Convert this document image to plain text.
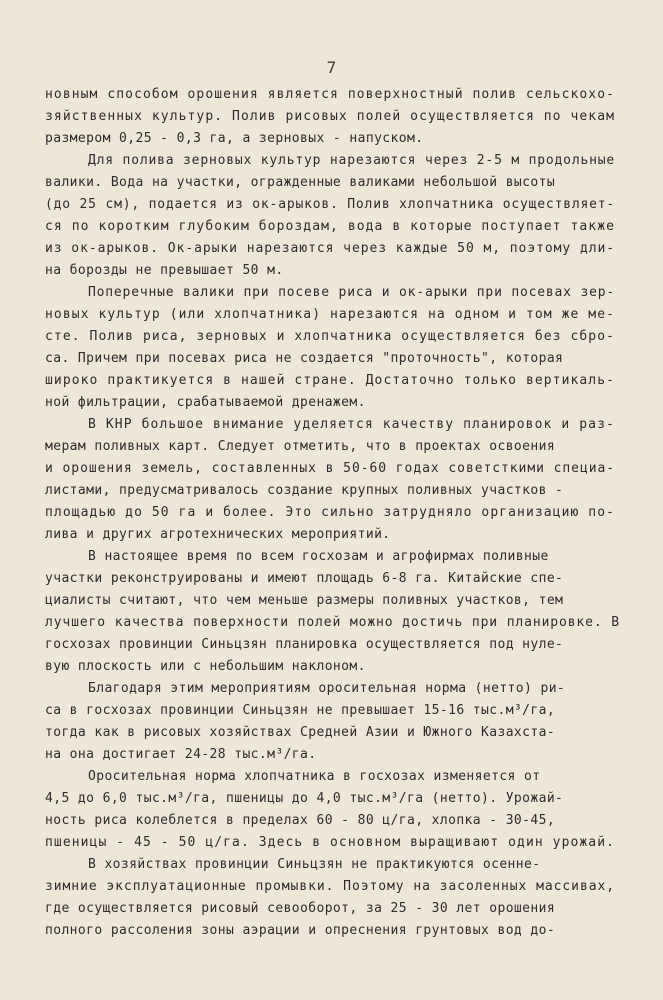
7
новным способом орошения является поверхностный полив сельскохо-
зяйственных культур. Полив рисовых полей осуществляется по чекам
размером 0,25 - 0,3 га, а зерновых - напуском.
Для полива зерновых культур нарезаются через 2-5 м продольные
валики. Вода на участки, огражденные валиками небольшой высоты
(до 25 см), подается из ок-арыков. Полив хлопчатника осуществляет-
ся по коротким глубоким бороздам, вода в которые поступает также
из ок-арыков. Ок-арыки нарезаются через каждые 50 м, поэтому дли-
на борозды не превышает 50 м.
Поперечные валики при посеве риса и ок-арыки при посевах зер-
новых культур (или хлопчатника) нарезаются на одном и том же ме-
сте. Полив риса, зерновых и хлопчатника осуществляется без сбро-
са. Причем при посевах риса не создается "проточность", которая
широко практикуется в нашей стране. Достаточно только вертикаль-
ной фильтрации, срабатываемой дренажем.
В КНР большое внимание уделяется качеству планировок и раз-
мерам поливных карт. Следует отметить, что в проектах освоения
и орошения земель, составленных в 50-60 годах советсткими специа-
листами, предусматривалось создание крупных поливных участков -
площадью до 50 га и более. Это сильно затрудняло организацию по-
лива и других агротехнических мероприятий.
В настоящее время по всем госхозам и агрофирмах поливные
участки реконструированы и имеют площадь 6-8 га. Китайские спе-
циалисты считают, что чем меньше размеры поливных участков, тем
лучшего качества поверхности полей можно достичь при планировке. В
госхозах провинции Синьцзян планировка осуществляется под нуле-
вую плоскость или с небольшим наклоном.
Благодаря этим мероприятиям оросительная норма (нетто) ри-
са в госхозах провинции Синьцзян не превышает 15-16 тыс.м³/га,
тогда как в рисовых хозяйствах Средней Азии и Южного Казахста-
на она достигает 24-28 тыс.м³/га.
Оросительная норма хлопчатника в госхозах изменяется от
4,5 до 6,0 тыс.м³/га, пшеницы до 4,0 тыс.м³/га (нетто). Урожай-
ность риса колеблется в пределах 60 - 80 ц/га, хлопка - 30-45,
пшеницы - 45 - 50 ц/га. Здесь в основном выращивают один урожай.
В хозяйствах провинции Синьцзян не практикуются осенне-
зимние эксплуатационные промывки. Поэтому на засоленных массивах,
где осуществляется рисовый севооборот, за 25 - 30 лет орошения
полного рассоления зоны аэрации и опреснения грунтовых вод до-
